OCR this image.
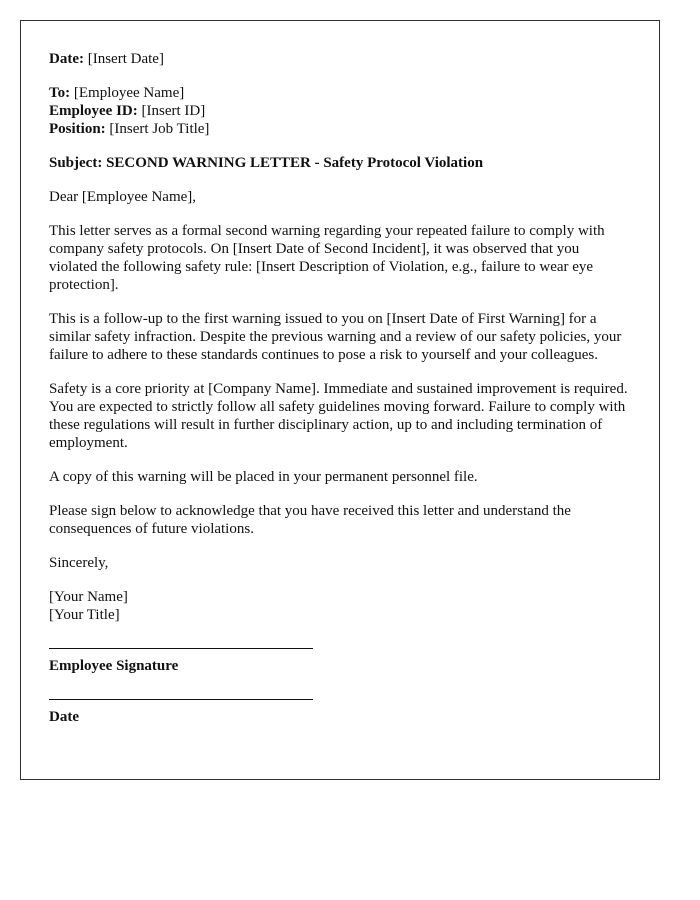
Date: [Insert Date]
To: [Employee Name]
Employee ID: [Insert ID]
Position: [Insert Job Title]

Subject: SECOND WARNING LETTER - Safety Protocol Violation

Dear [Employee Name],

This letter serves as a formal second warning regarding your repeated failure to comply with company safety protocols. On [Insert Date of Second Incident], it was observed that you violated the following safety rule: [Insert Description of Violation, e.g., failure to wear eye protection].

This is a follow-up to the first warning issued to you on [Insert Date of First Warning] for a similar safety infraction. Despite the previous warning and a review of our safety policies, your failure to adhere to these standards continues to pose a risk to yourself and your colleagues.

Safety is a core priority at [Company Name]. Immediate and sustained improvement is required. You are expected to strictly follow all safety guidelines moving forward. Failure to comply with these regulations will result in further disciplinary action, up to and including termination of employment.

A copy of this warning will be placed in your permanent personnel file.

Please sign below to acknowledge that you have received this letter and understand the consequences of future violations.

Sincerely,

[Your Name]
[Your Title]
Employee Signature
Date
